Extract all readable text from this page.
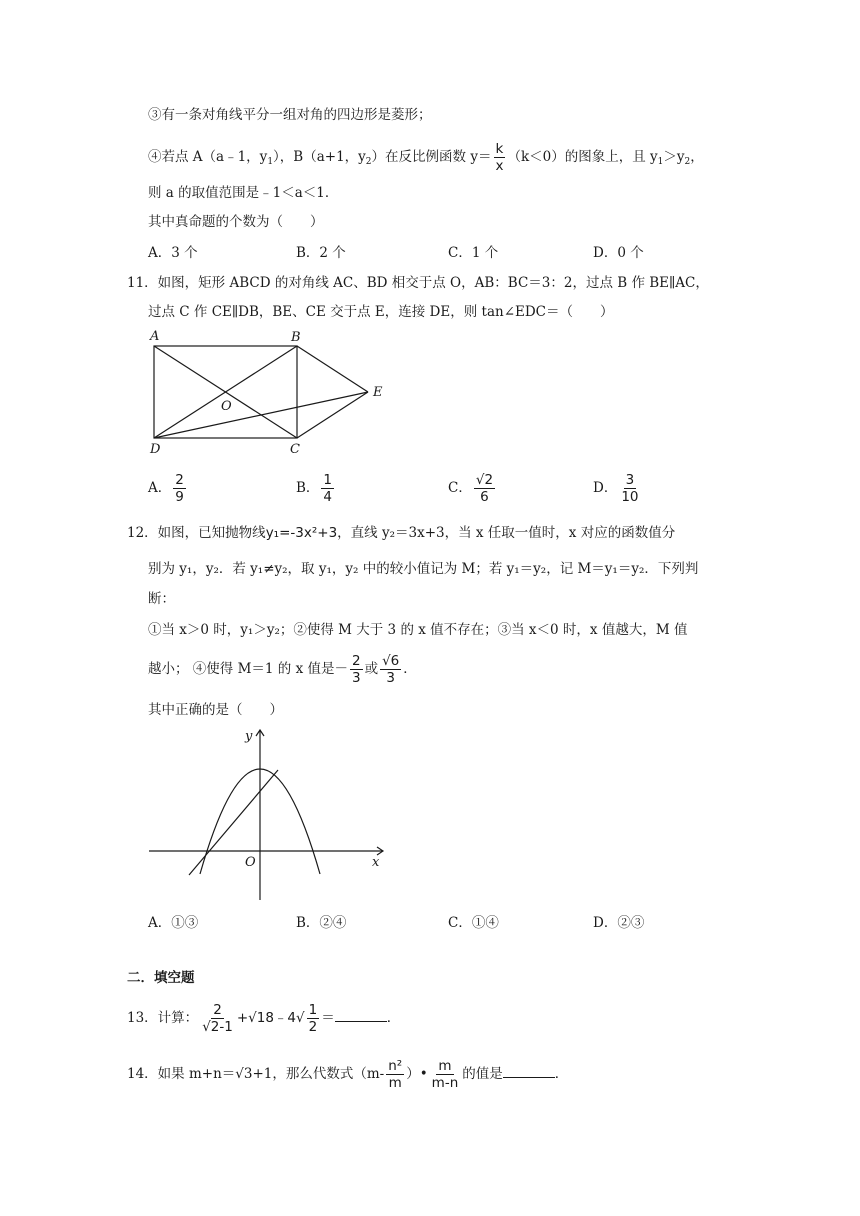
③有一条对角线平分一组对角的四边形是菱形；
④若点 A（a﹣1，$y_1$），B（a+1，$y_2$）在反比例函数 $y= \frac{k}{x} (k<0)$的图象上，且 $y_1>y_2$，
则 a 的取值范围是﹣1＜a＜1．
其中真命题的个数为（　　）
A．3 个	B．2 个	C．1 个	D．0 个
11．如图，矩形 ABCD 的对角线 AC、BD 相交于点 O，AB：BC＝3：2，过点 B 作 BE∥AC，
过点 C 作 CE∥DB，BE、CE 交于点 E，连接 DE，则 tan∠EDC＝（　　）
A	B
C
D
O
E
A． $\frac{2}{9}$	B． $\frac{1}{4}$	C． $\frac{√2}{6}$	D． $\frac{3}{10}$
12．如图，已知抛物线y₁=-3x²+3，直线 y₂＝3x+3，当 x 任取一值时，x 对应的函数值分
别为 y₁，y₂．若 y₁≠y₂，取 y₁，y₂ 中的较小值记为 M；若 y₁＝y₂，记 M＝y₁＝y₂．下列判
断：
①当 x＞0 时，y₁＞y₂；②使得 M 大于 3 的 x 值不存在；③当 x＜0 时，x 值越大，M 值
越小； ④使得 M＝1 的 x 值是－ $\frac{2}{3}$ 或 $\frac{√6}{3}$ ．
其中正确的是（　　）
y
x
O
A．①③	B．②④	C．①④	D．②③
二．填空题
13．计算： $\frac{2}{√2-1}$ +√18﹣4√ $\frac{1}{2}$ ＝	．
14．如果 m+n＝√3+1，那么代数式（$m- \frac{\text{n²}}{m}$ ）• $\frac{m}{m-n}$ 的值是	．
